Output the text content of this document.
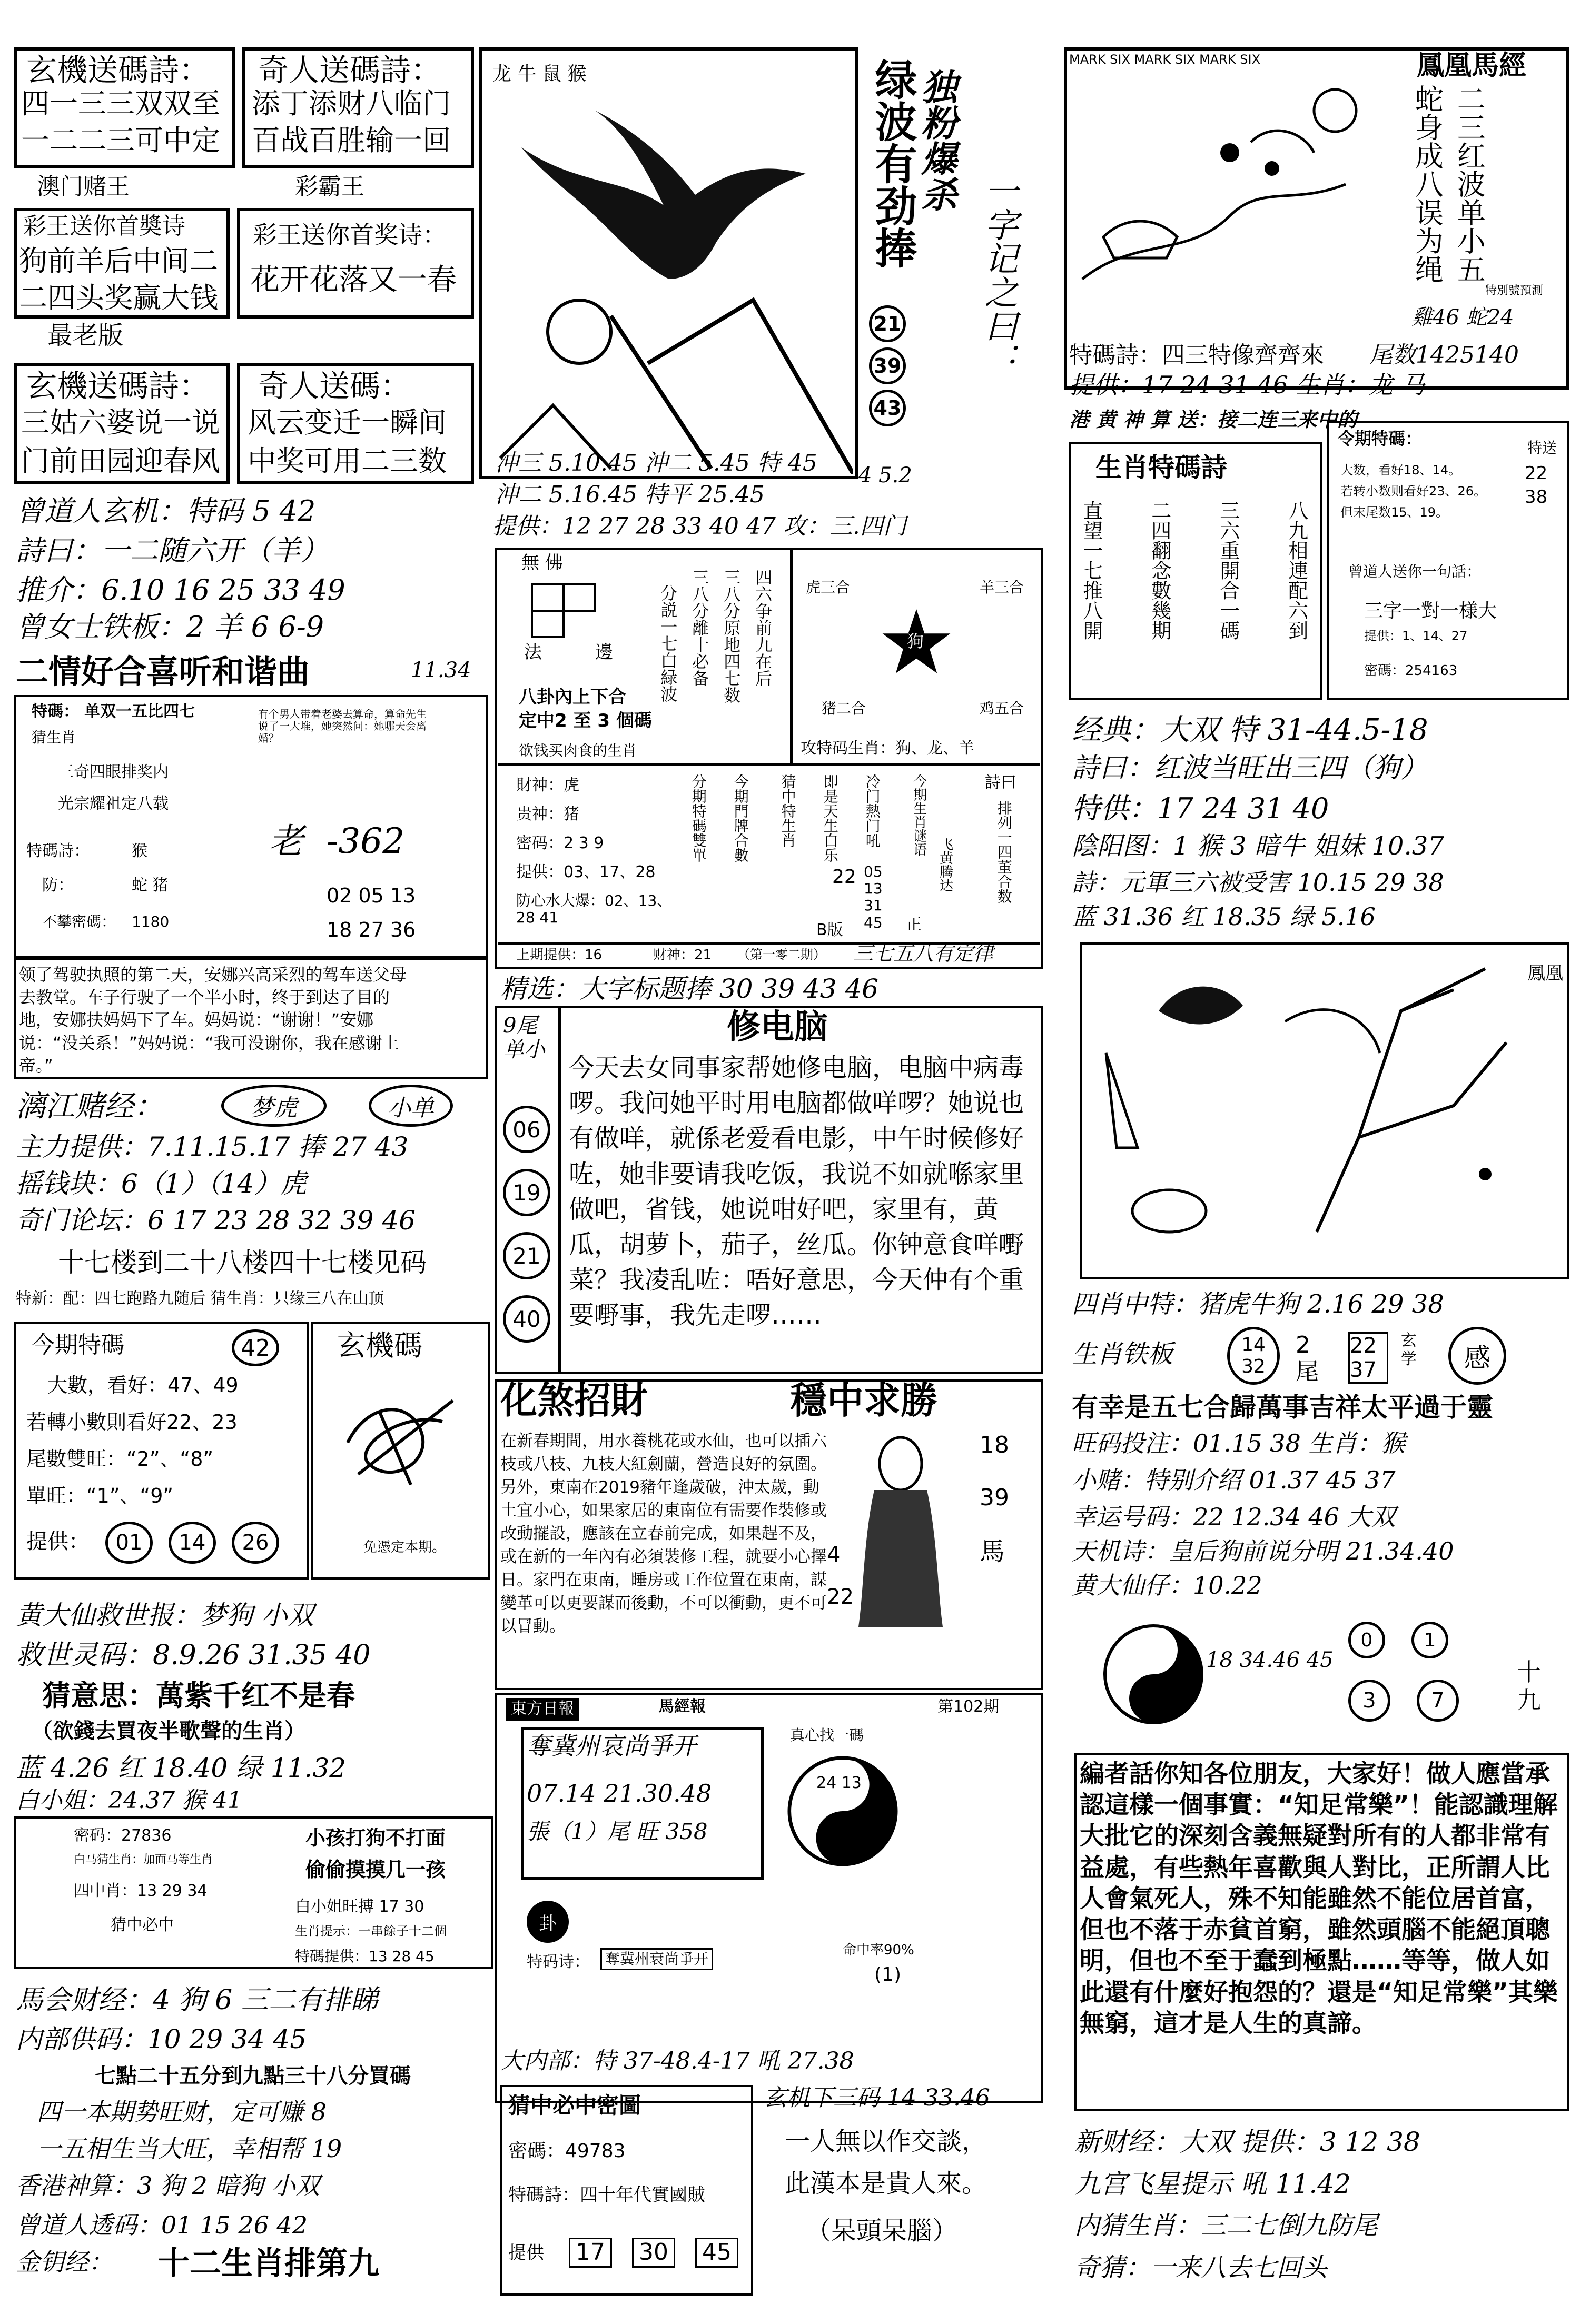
玄機送碼詩：
四一三三双双至
一二二三可中定
奇人送碼詩：
添丁添财八临门
百战百胜输一回
澳门赌王	彩霸王
彩王送你首奬诗
狗前羊后中间二
二四头奖赢大钱
彩王送你首奖诗：
花开花落又一春
最老版
玄機送碼詩：
三姑六婆说一说
门前田园迎春风
奇人送碼：
风云变迁一瞬间
中奖可用二三数
龙 牛 鼠 猴	绿波有劲捧
独粉爆杀
一字记之曰：
21
39
43
沖三 5.10.45 沖二 5.45 特 45
沖二 5.16.45 特平 25.45
提供：12 27 28 33 40 47 攻：三.四门
4 5.2
MARK SIX MARK SIX MARK SIX	鳳凰馬經
蛇身成八误为绳 二三红波单小五
特別號預測
雞46 蛇24
特碼詩：四三特像齊齊來 尾数1425140
提供：17 24 31 46 生肖：龙 马
港 黄 神 算 送：接二连三来中的
曾道人玄机：特码 5 42
詩曰：一二随六开（羊）
推介：6.10 16 25 33 49
曾女士铁板：2 羊 6 6-9
二情好合喜听和谐曲	11.34
特碼： 单双一五比四七
猜生肖
三奇四眼排奖内
光宗耀祖定八载
有个男人带着老婆去算命，算命先生说了一大堆，她突然问：她哪天会离婚？
特碼詩：	猴
防：	蛇 猪
不攀密碼： 1180
老 -362
02 05 13
18 27 36
领了驾驶执照的第二天，安娜兴高采烈的驾车送父母去教堂。车子行驶了一个半小时，终于到达了目的地，安娜扶妈妈下了车。妈妈说：“谢谢！”安娜说：“没关系！”妈妈说：“我可没谢你，我在感谢上帝。”
無 佛
法	邊	分説一七白緑波 三八分離十必备 三八分原地四七数 四六争前九在后
八卦內上下合
定中2 至 3 個碼
欲钱买肉食的生肖
虎三合	羊三合
狗
猪二合	鸡五合
攻特码生肖：狗、龙、羊
財神：虎
贵神：猪
密码：2 3 9
提供：03、17、28
防心水大爆：02、13、28 41
分期特碼雙單 今期門牌合數 猜中特生肖 即是天生白乐 冷门熱门吼
05 13 31 45
今期生肖谜语
飞黄腾达
詩曰
排列一四董合数
B版
22
正
上期提供：16	财神：21 （第一零二期） 三七五八有定律
精选：大字标题捧 30 39 43 46
9尾单小
06
19
21
40
修电脑
今天去女同事家帮她修电脑，电脑中病毒啰。我问她平时用电脑都做咩啰？她说也有做咩，就係老爱看电影，中午时候修好咗，她非要请我吃饭，我说不如就喺家里做吧，省钱，她说咁好吧，家里有，黄瓜，胡萝卜，茄子，丝瓜。你钟意食咩嘢菜？我凌乱咗：唔好意思，今天仲有个重要嘢事，我先走啰……
生肖特碼詩
直望一七推八開 二四翻念數幾期 三六重開合一碼 八九相連配六到
令期特碼：	特送
22
38
大数，看好18、14。
若转小数则看好23、26。
但末尾数15、19。
曾道人送你一句話：
三字一對一様大
提供：1、14、27
密碼：254163
经典：大双 特 31-44.5-18
詩曰：红波当旺出三四（狗）
特供：17 24 31 40
陰阳图：1 猴 3 暗牛 姐妹 10.37
詩：元軍三六被受害 10.15 29 38
蓝 31.36 红 18.35 绿 5.16
鳳凰
漓江赌经：	梦虎	小单
主力提供：7.11.15.17 捧 27 43
摇钱块：6（1）（14）虎
奇门论坛：6 17 23 28 32 39 46
十七楼到二十八楼四十七楼见码
特新：配：四七跑路九随后 猜生肖：只缘三八在山顶
今期特碼	42
大數，看好：47、49
若轉小數則看好22、23
尾數雙旺：“2”、“8”
單旺：“1”、“9”
提供：	01	14	26
玄機碼
免憑定本期。
黄大仙救世报：梦狗 小双
救世灵码：8.9.26 31.35 40
猜意思：萬紫千红不是春
（欲錢去買夜半歌聲的生肖）
蓝 4.26 红 18.40 绿 11.32
白小姐：24.37 猴 41
密码：27836
白马猜生肖：加面马等生肖
四中肖：13 29 34
猜中必中
小孩打狗不打面
偷偷摸摸几一孩
白小姐旺搏 17 30
生肖提示：一串餘子十二個
特碼提供：13 28 45
馬会财经：4 狗 6 三二有排睇
内部供码：10 29 34 45
七點二十五分到九點三十八分買碼
四一本期势旺财，定可赚 8
一五相生当大旺，幸相帮 19
香港神算：3 狗 2 暗狗 小双
曾道人透码：01 15 26 42
金钥经： 十二生肖排第九
化煞招財	穩中求勝
在新春期間，用水養桃花或水仙，也可以插六枝或八枝、九枝大紅劍蘭，營造良好的氛圍。另外，東南在2019豬年逢歲破，沖太歲，動土宜小心，如果家居的東南位有需要作裝修或改動擺設，應該在立春前完成，如果趕不及，或在新的一年內有必須裝修工程，就要小心擇日。家門在東南，睡房或工作位置在東南，謀變革可以更要謀而後動，不可以衝動，更不可以冒動。
18
39
馬
4
22
東方日報	馬經報	第102期
奪冀州哀尚爭开
07.14 21.30.48
張（1）尾 旺 358
真心找一碼
24 13
特码诗：	奪冀州衰尚爭开	命中率90%
(1)
卦
大内部：特 37-48.4-17 吼 27.38
猜中必中密圖
密碼：49783
特碼詩：四十年代實國賊
提供 17 30 45
玄机下三码 14 33.46
一人無以作交談，
此漢本是貴人來。
（呆頭呆腦）
四肖中特：猪虎牛狗 2.16 29 38
生肖铁板	14 32
2 尾
22 37
玄学	感
有幸是五七合歸萬事吉祥太平過于靈
旺码投注：01.15 38 生肖：猴
小赌：特别介绍 01.37 45 37
幸运号码：22 12.34 46 大双
天机诗：皇后狗前说分明 21.34.40
黄大仙仔：10.22
18 34.46 45
0	1
3	7
十九
編者話你知各位朋友，大家好！做人應當承認這樣一個事實：“知足常樂”！能認識理解大批它的深刻含義無疑對所有的人都非常有益處，有些熱年喜歡與人對比，正所謂人比人會氣死人，殊不知能雖然不能位居首富，但也不落于赤貧首窮，雖然頭腦不能絕頂聰明，但也不至于蠢到極點……等等，做人如此還有什麼好抱怨的？還是“知足常樂”其樂無窮，這才是人生的真諦。
新财经：大双 提供：3 12 38
九宫飞星提示 吼 11.42
内猜生肖：三二七倒九防尾
奇猜：一来八去七回头
